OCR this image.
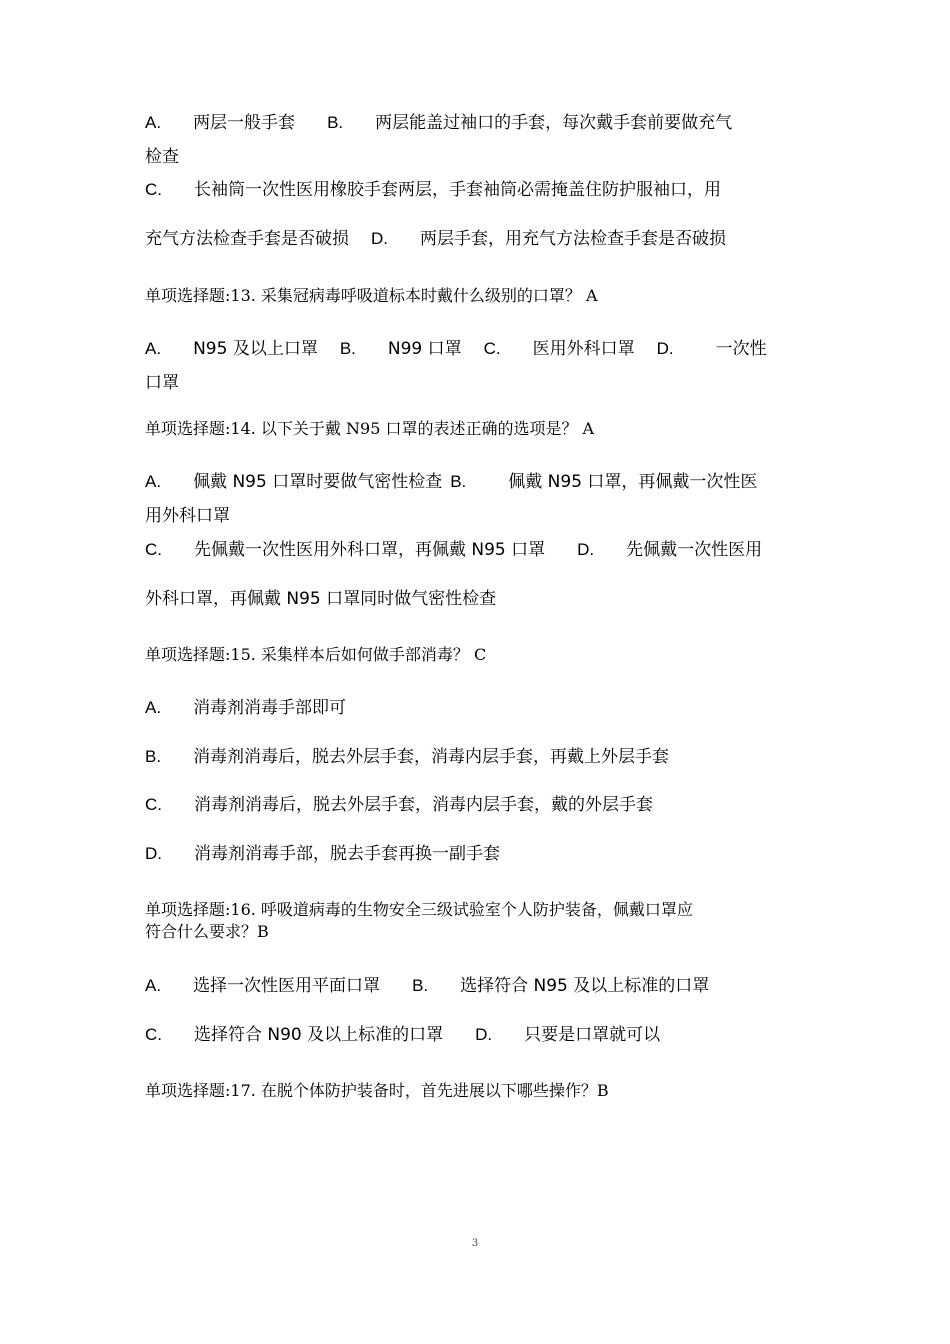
A. 两层一般手套 B. 两层能盖过袖口的手套，每次戴手套前要做充气
检查
C. 长袖筒一次性医用橡胶手套两层，手套袖筒必需掩盖住防护服袖口，用
充气方法检查手套是否破损 D. 两层手套，用充气方法检查手套是否破损
单项选择题:13. 采集冠病毒呼吸道标本时戴什么级别的口罩？ A
A. N95 及以上口罩 B. N99 口罩 C. 医用外科口罩 D. 一次性
口罩
单项选择题:14. 以下关于戴 N95 口罩的表述正确的选项是？ A
A. 佩戴 N95 口罩时要做气密性检查 B. 佩戴 N95 口罩，再佩戴一次性医
用外科口罩
C. 先佩戴一次性医用外科口罩，再佩戴 N95 口罩 D. 先佩戴一次性医用
外科口罩，再佩戴 N95 口罩同时做气密性检查
单项选择题:15. 采集样本后如何做手部消毒？ C
A. 消毒剂消毒手部即可
B. 消毒剂消毒后，脱去外层手套，消毒内层手套，再戴上外层手套
C. 消毒剂消毒后，脱去外层手套，消毒内层手套，戴的外层手套
D. 消毒剂消毒手部，脱去手套再换一副手套
单项选择题:16. 呼吸道病毒的生物安全三级试验室个人防护装备，佩戴口罩应
符合什么要求？B
A. 选择一次性医用平面口罩 B. 选择符合 N95 及以上标准的口罩
C. 选择符合 N90 及以上标准的口罩 D. 只要是口罩就可以
单项选择题:17. 在脱个体防护装备时，首先进展以下哪些操作？B
3
